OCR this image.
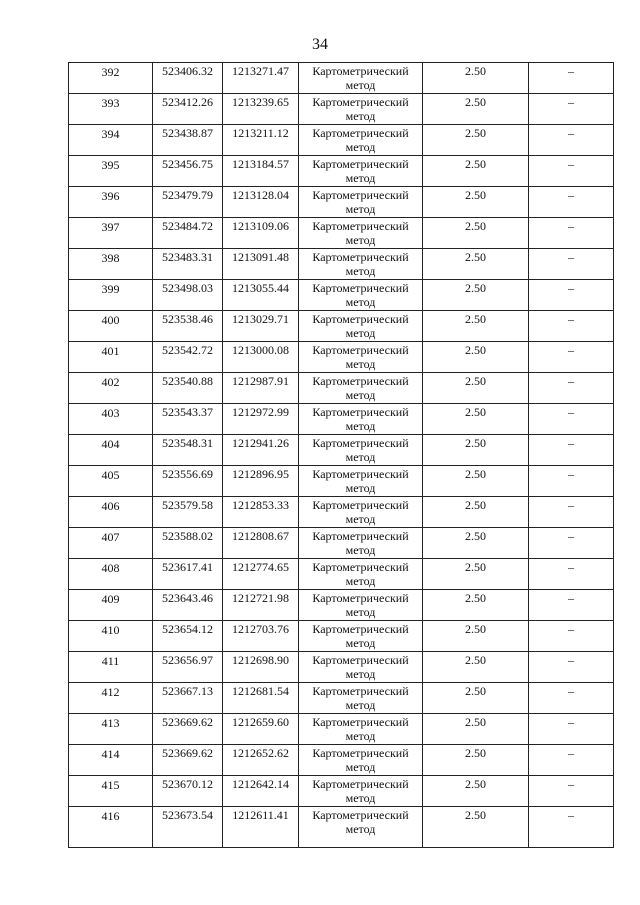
34
392	523406.32	1213271.47	Картометрический метод	2.50	–

393	523412.26	1213239.65	Картометрический метод	2.50	–

394	523438.87	1213211.12	Картометрический метод	2.50	–

395	523456.75	1213184.57	Картометрический метод	2.50	–

396	523479.79	1213128.04	Картометрический метод	2.50	–

397	523484.72	1213109.06	Картометрический метод	2.50	–

398	523483.31	1213091.48	Картометрический метод	2.50	–

399	523498.03	1213055.44	Картометрический метод	2.50	–

400	523538.46	1213029.71	Картометрический метод	2.50	–

401	523542.72	1213000.08	Картометрический метод	2.50	–

402	523540.88	1212987.91	Картометрический метод	2.50	–

403	523543.37	1212972.99	Картометрический метод	2.50	–

404	523548.31	1212941.26	Картометрический метод	2.50	–

405	523556.69	1212896.95	Картометрический метод	2.50	–

406	523579.58	1212853.33	Картометрический метод	2.50	–

407	523588.02	1212808.67	Картометрический метод	2.50	–

408	523617.41	1212774.65	Картометрический метод	2.50	–

409	523643.46	1212721.98	Картометрический метод	2.50	–

410	523654.12	1212703.76	Картометрический метод	2.50	–

411	523656.97	1212698.90	Картометрический метод	2.50	–

412	523667.13	1212681.54	Картометрический метод	2.50	–

413	523669.62	1212659.60	Картометрический метод	2.50	–

414	523669.62	1212652.62	Картометрический метод	2.50	–

415	523670.12	1212642.14	Картометрический метод	2.50	–

416	523673.54	1212611.41	Картометрический метод	2.50	–
